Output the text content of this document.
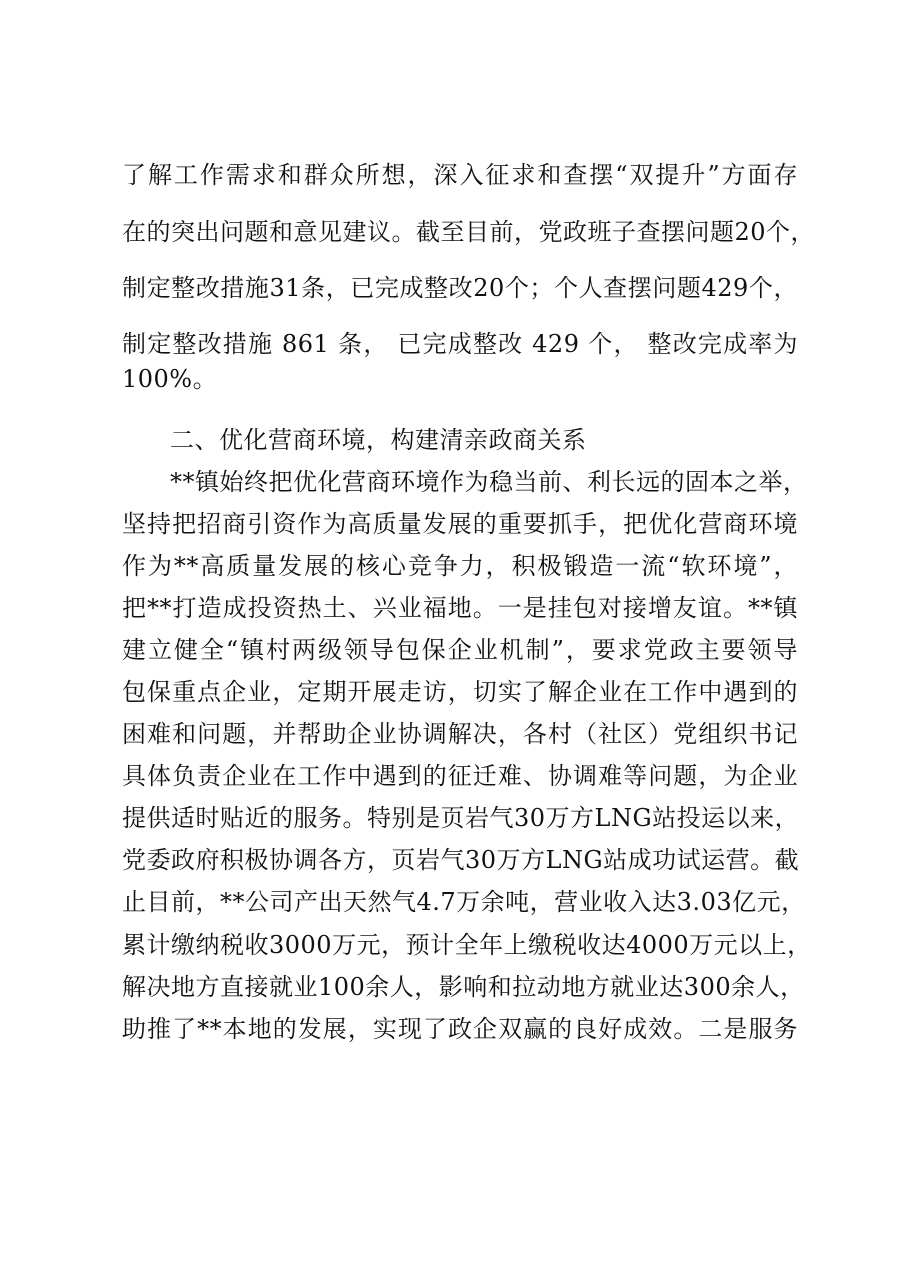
了解工作需求和群众所想，深入征求和查摆“双提升”方面存
在的突出问题和意见建议。截至目前，党政班子查摆问题20个，
制定整改措施31条，已完成整改20个；个人查摆问题429个，
制定整改措施 861 条， 已完成整改 429 个， 整改完成率为
100%。
二、优化营商环境，构建清亲政商关系
**镇始终把优化营商环境作为稳当前、利长远的固本之举，
坚持把招商引资作为高质量发展的重要抓手，把优化营商环境
作为**高质量发展的核心竞争力，积极锻造一流“软环境”，
把**打造成投资热土、兴业福地。一是挂包对接增友谊。**镇
建立健全“镇村两级领导包保企业机制”，要求党政主要领导
包保重点企业，定期开展走访，切实了解企业在工作中遇到的
困难和问题，并帮助企业协调解决，各村（社区）党组织书记
具体负责企业在工作中遇到的征迁难、协调难等问题，为企业
提供适时贴近的服务。特别是页岩气30万方LNG站投运以来，
党委政府积极协调各方，页岩气30万方LNG站成功试运营。截
止目前，**公司产出天然气4.7万余吨，营业收入达3.03亿元，
累计缴纳税收3000万元，预计全年上缴税收达4000万元以上，
解决地方直接就业100余人，影响和拉动地方就业达300余人，
助推了**本地的发展，实现了政企双赢的良好成效。二是服务
